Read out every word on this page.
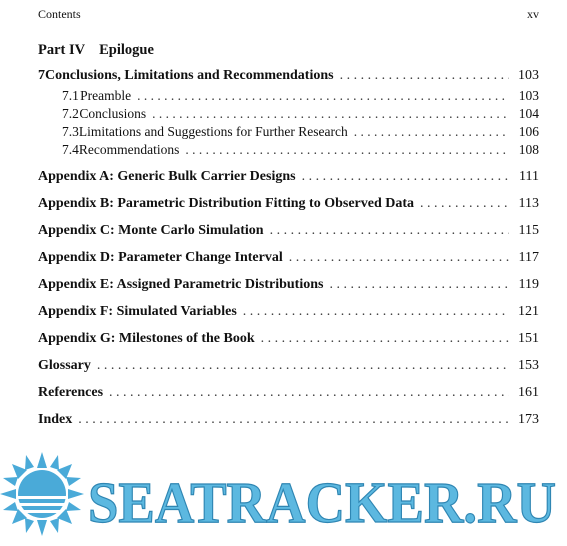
Contents	xv
Part IV Epilogue
7 Conclusions, Limitations and Recommendations . . .	103
7.1 Preamble . . .	103
7.2 Conclusions . . .	104
7.3 Limitations and Suggestions for Further Research . . .	106
7.4 Recommendations . . .	108
Appendix A: Generic Bulk Carrier Designs . . .	111
Appendix B: Parametric Distribution Fitting to Observed Data . . .	113
Appendix C: Monte Carlo Simulation . . .	115
Appendix D: Parameter Change Interval . . .	117
Appendix E: Assigned Parametric Distributions . . .	119
Appendix F: Simulated Variables . . .	121
Appendix G: Milestones of the Book . . .	151
Glossary . . .	153
References . . .	161
Index . . .	173
SEATRACKER.RU
